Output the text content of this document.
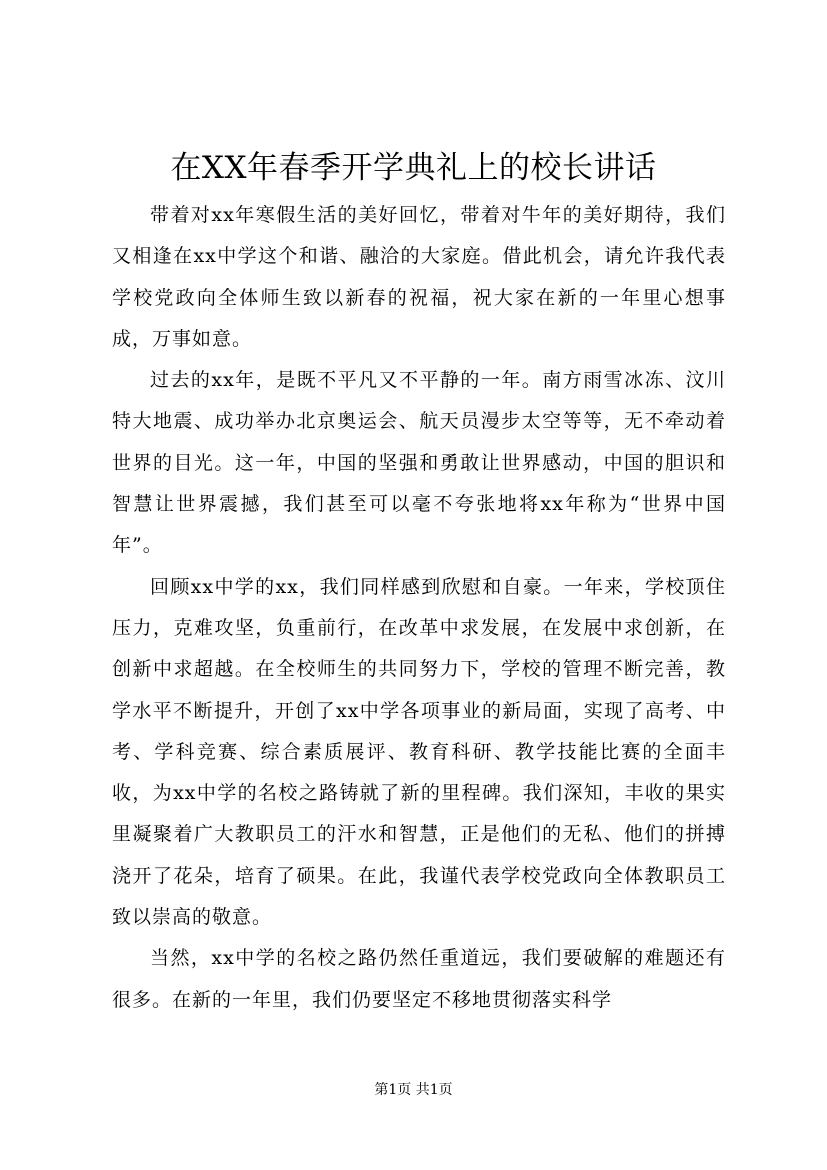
在XX年春季开学典礼上的校长讲话

带着对xx年寒假生活的美好回忆，带着对牛年的美好期待，我们又相逢在xx中学这个和谐、融洽的大家庭。借此机会，请允许我代表学校党政向全体师生致以新春的祝福，祝大家在新的一年里心想事成，万事如意。

过去的xx年，是既不平凡又不平静的一年。南方雨雪冰冻、汶川特大地震、成功举办北京奥运会、航天员漫步太空等等，无不牵动着世界的目光。这一年，中国的坚强和勇敢让世界感动，中国的胆识和智慧让世界震撼，我们甚至可以毫不夸张地将xx年称为“世界中国年”。

回顾xx中学的xx，我们同样感到欣慰和自豪。一年来，学校顶住压力，克难攻坚，负重前行，在改革中求发展，在发展中求创新，在创新中求超越。在全校师生的共同努力下，学校的管理不断完善，教学水平不断提升，开创了xx中学各项事业的新局面，实现了高考、中考、学科竞赛、综合素质展评、教育科研、教学技能比赛的全面丰收，为xx中学的名校之路铸就了新的里程碑。我们深知，丰收的果实里凝聚着广大教职员工的汗水和智慧，正是他们的无私、他们的拼搏浇开了花朵，培育了硕果。在此，我谨代表学校党政向全体教职员工致以崇高的敬意。

当然，xx中学的名校之路仍然任重道远，我们要破解的难题还有很多。在新的一年里，我们仍要坚定不移地贯彻落实科学

第1页 共1页
